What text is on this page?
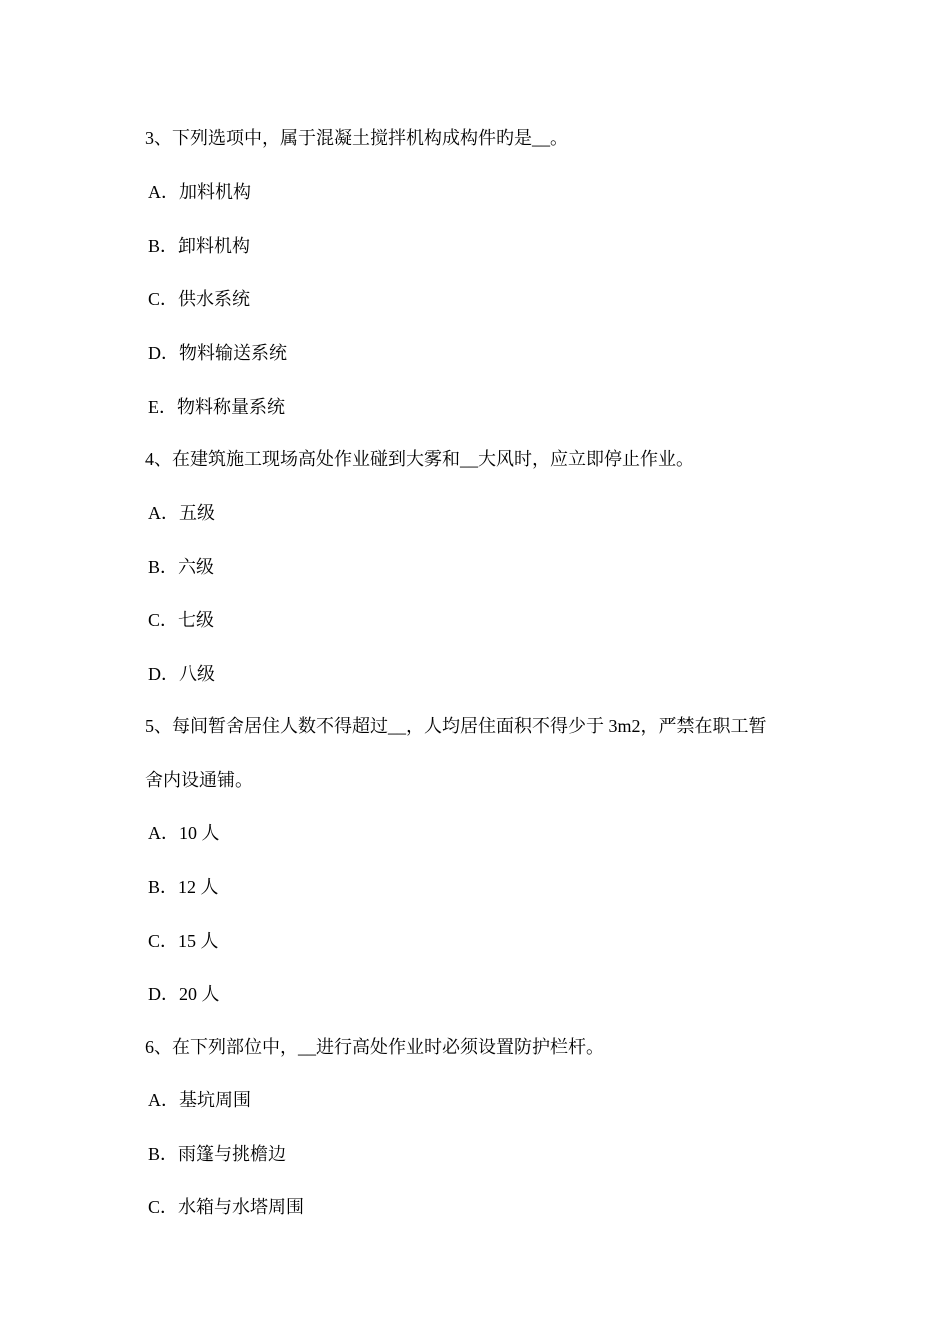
3、下列选项中，属于混凝土搅拌机构成构件旳是__。
A．加料机构
B．卸料机构
C．供水系统
D．物料输送系统
E．物料称量系统
4、在建筑施工现场高处作业碰到大雾和__大风时，应立即停止作业。
A．五级
B．六级
C．七级
D．八级
5、每间暂舍居住人数不得超过__，人均居住面积不得少于 3m2，严禁在职工暂
舍内设通铺。
A．10 人
B．12 人
C．15 人
D．20 人
6、在下列部位中，__进行高处作业时必须设置防护栏杆。
A．基坑周围
B．雨篷与挑檐边
C．水箱与水塔周围
